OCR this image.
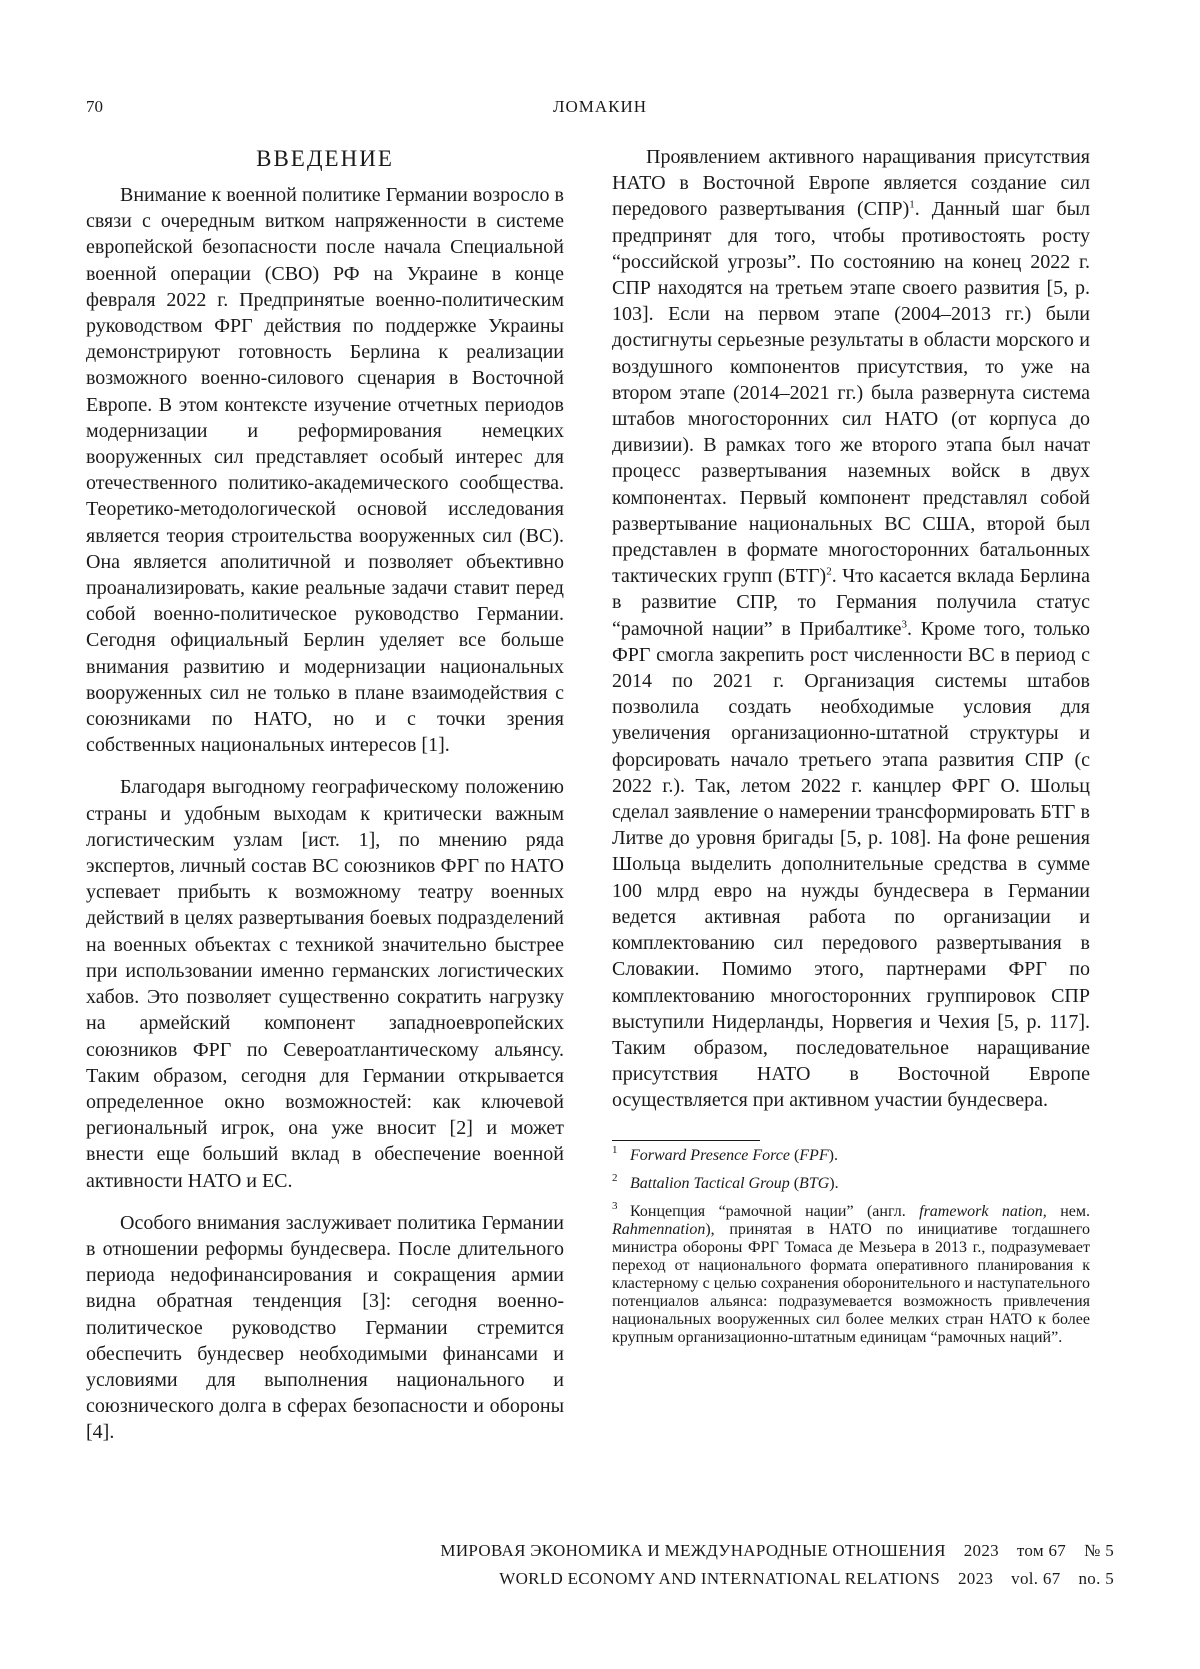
70	ЛОМАКИН
ВВЕДЕНИЕ

Внимание к военной политике Германии возросло в связи с очередным витком напряженности в системе европейской безопасности после начала Специальной военной операции (СВО) РФ на Украине в конце февраля 2022 г. Предпринятые военно-политическим руководством ФРГ действия по поддержке Украины демонстрируют готовность Берлина к реализации возможного военно-силового сценария в Восточной Европе. В этом контексте изучение отчетных периодов модернизации и реформирования немецких вооруженных сил представляет особый интерес для отечественного политико-академического сообщества. Теоретико-методологической основой исследования является теория строительства вооруженных сил (ВС). Она является аполитичной и позволяет объективно проанализировать, какие реальные задачи ставит перед собой военно-политическое руководство Германии. Сегодня официальный Берлин уделяет все больше внимания развитию и модернизации национальных вооруженных сил не только в плане взаимодействия с союзниками по НАТО, но и с точки зрения собственных национальных интересов [1].

Благодаря выгодному географическому положению страны и удобным выходам к критически важным логистическим узлам [ист. 1], по мнению ряда экспертов, личный состав ВС союзников ФРГ по НАТО успевает прибыть к возможному театру военных действий в целях развертывания боевых подразделений на военных объектах с техникой значительно быстрее при использовании именно германских логистических хабов. Это позволяет существенно сократить нагрузку на армейский компонент западноевропейских союзников ФРГ по Североатлантическому альянсу. Таким образом, сегодня для Германии открывается определенное окно возможностей: как ключевой региональный игрок, она уже вносит [2] и может внести еще больший вклад в обеспечение военной активности НАТО и ЕС.

Особого внимания заслуживает политика Германии в отношении реформы бундесвера. После длительного периода недофинансирования и сокращения армии видна обратная тенденция [3]: сегодня военно-политическое руководство Германии стремится обеспечить бундесвер необходимыми финансами и условиями для выполнения национального и союзнического долга в сферах безопасности и обороны [4].

Проявлением активного наращивания присутствия НАТО в Восточной Европе является создание сил передового развертывания (СПР)$^1$. Данный шаг был предпринят для того, чтобы противостоять росту “российской угрозы”. По состоянию на конец 2022 г. СПР находятся на третьем этапе своего развития [5, p. 103]. Если на первом этапе (2004–2013 гг.) были достигнуты серьезные результаты в области морского и воздушного компонентов присутствия, то уже на втором этапе (2014–2021 гг.) была развернута система штабов многосторонних сил НАТО (от корпуса до дивизии). В рамках того же второго этапа был начат процесс развертывания наземных войск в двух компонентах. Первый компонент представлял собой развертывание национальных ВС США, второй был представлен в формате многосторонних батальонных тактических групп (БТГ)$^2$. Что касается вклада Берлина в развитие СПР, то Германия получила статус “рамочной нации” в Прибалтике$^3$. Кроме того, только ФРГ смогла закрепить рост численности ВС в период с 2014 по 2021 г. Организация системы штабов позволила создать необходимые условия для увеличения организационно-штатной структуры и форсировать начало третьего этапа развития СПР (с 2022 г.). Так, летом 2022 г. канцлер ФРГ О. Шольц сделал заявление о намерении трансформировать БТГ в Литве до уровня бригады [5, p. 108]. На фоне решения Шольца выделить дополнительные средства в сумме 100 млрд евро на нужды бундесвера в Германии ведется активная работа по организации и комплектованию сил передового развертывания в Словакии. Помимо этого, партнерами ФРГ по комплектованию многосторонних группировок СПР выступили Нидерланды, Норвегия и Чехия [5, p. 117]. Таким образом, последовательное наращивание присутствия НАТО в Восточной Европе осуществляется при активном участии бундесвера.

$^1$ Forward Presence Force (FPF).

$^2$ Battalion Tactical Group (BTG).

$^3$ Концепция “рамочной нации” (англ. framework nation, нем. Rahmennation), принятая в НАТО по инициативе тогдашнего министра обороны ФРГ Томаса де Мезьера в 2013 г., подразумевает переход от национального формата оперативного планирования к кластерному с целью сохранения оборонительного и наступательного потенциалов альянса: подразумевается возможность привлечения национальных вооруженных сил более мелких стран НАТО к более крупным организационно-штатным единицам “рамочных наций”.

МИРОВАЯ ЭКОНОМИКА И МЕЖДУНАРОДНЫЕ ОТНОШЕНИЯ 2023 том 67 № 5
WORLD ECONOMY AND INTERNATIONAL RELATIONS 2023 vol. 67 no. 5
